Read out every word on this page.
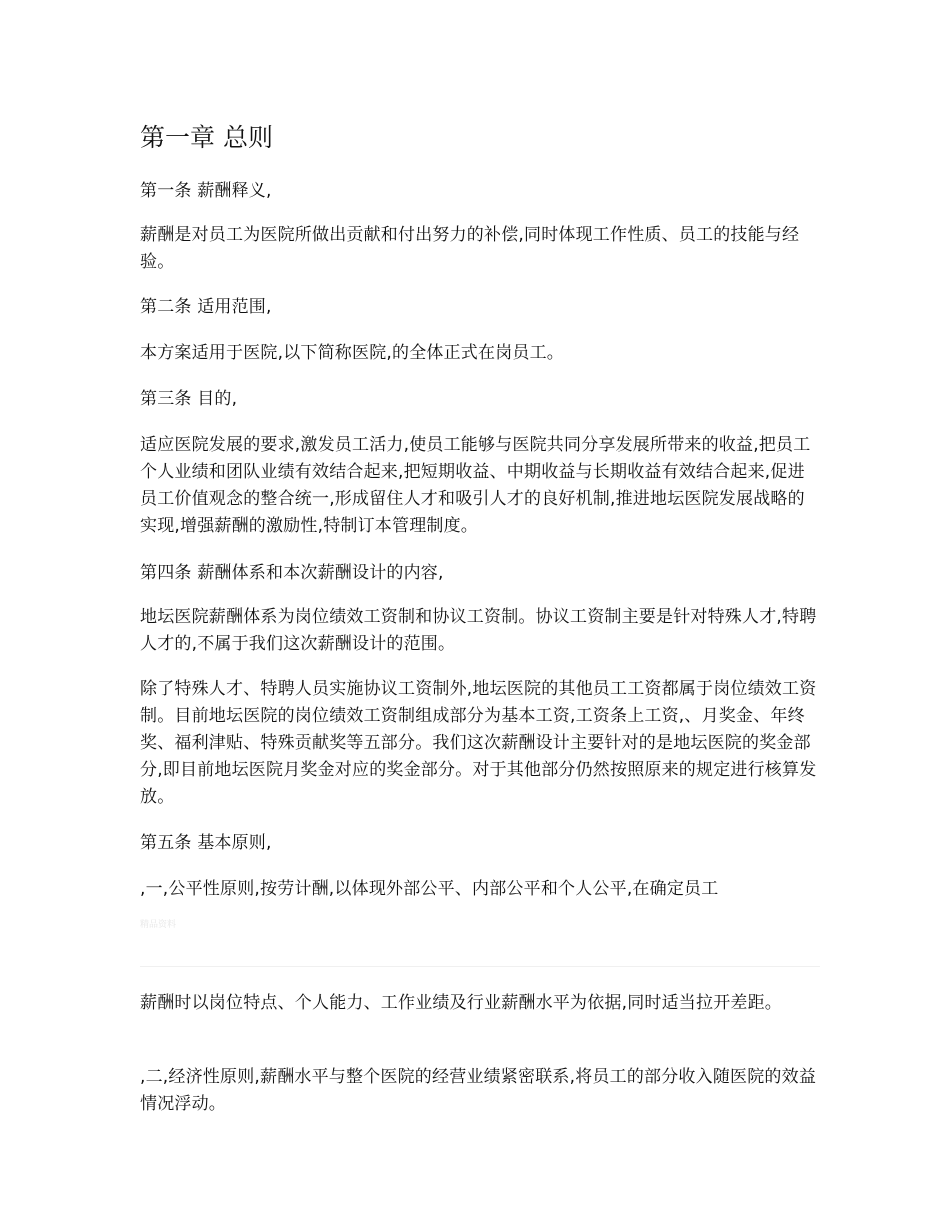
第一章 总则

第一条 薪酬释义,

薪酬是对员工为医院所做出贡献和付出努力的补偿,同时体现工作性质、员工的技能与经验。

第二条 适用范围,

本方案适用于医院,以下简称医院,的全体正式在岗员工。

第三条 目的,

适应医院发展的要求,激发员工活力,使员工能够与医院共同分享发展所带来的收益,把员工个人业绩和团队业绩有效结合起来,把短期收益、中期收益与长期收益有效结合起来,促进员工价值观念的整合统一,形成留住人才和吸引人才的良好机制,推进地坛医院发展战略的实现,增强薪酬的激励性,特制订本管理制度。

第四条 薪酬体系和本次薪酬设计的内容,

地坛医院薪酬体系为岗位绩效工资制和协议工资制。协议工资制主要是针对特殊人才,特聘人才的,不属于我们这次薪酬设计的范围。

除了特殊人才、特聘人员实施协议工资制外,地坛医院的其他员工工资都属于岗位绩效工资制。目前地坛医院的岗位绩效工资制组成部分为基本工资,工资条上工资,、月奖金、年终奖、福利津贴、特殊贡献奖等五部分。我们这次薪酬设计主要针对的是地坛医院的奖金部分,即目前地坛医院月奖金对应的奖金部分。对于其他部分仍然按照原来的规定进行核算发放。

第五条 基本原则,

,一,公平性原则,按劳计酬,以体现外部公平、内部公平和个人公平,在确定员工

精品资料

薪酬时以岗位特点、个人能力、工作业绩及行业薪酬水平为依据,同时适当拉开差距。

,二,经济性原则,薪酬水平与整个医院的经营业绩紧密联系,将员工的部分收入随医院的效益情况浮动。
